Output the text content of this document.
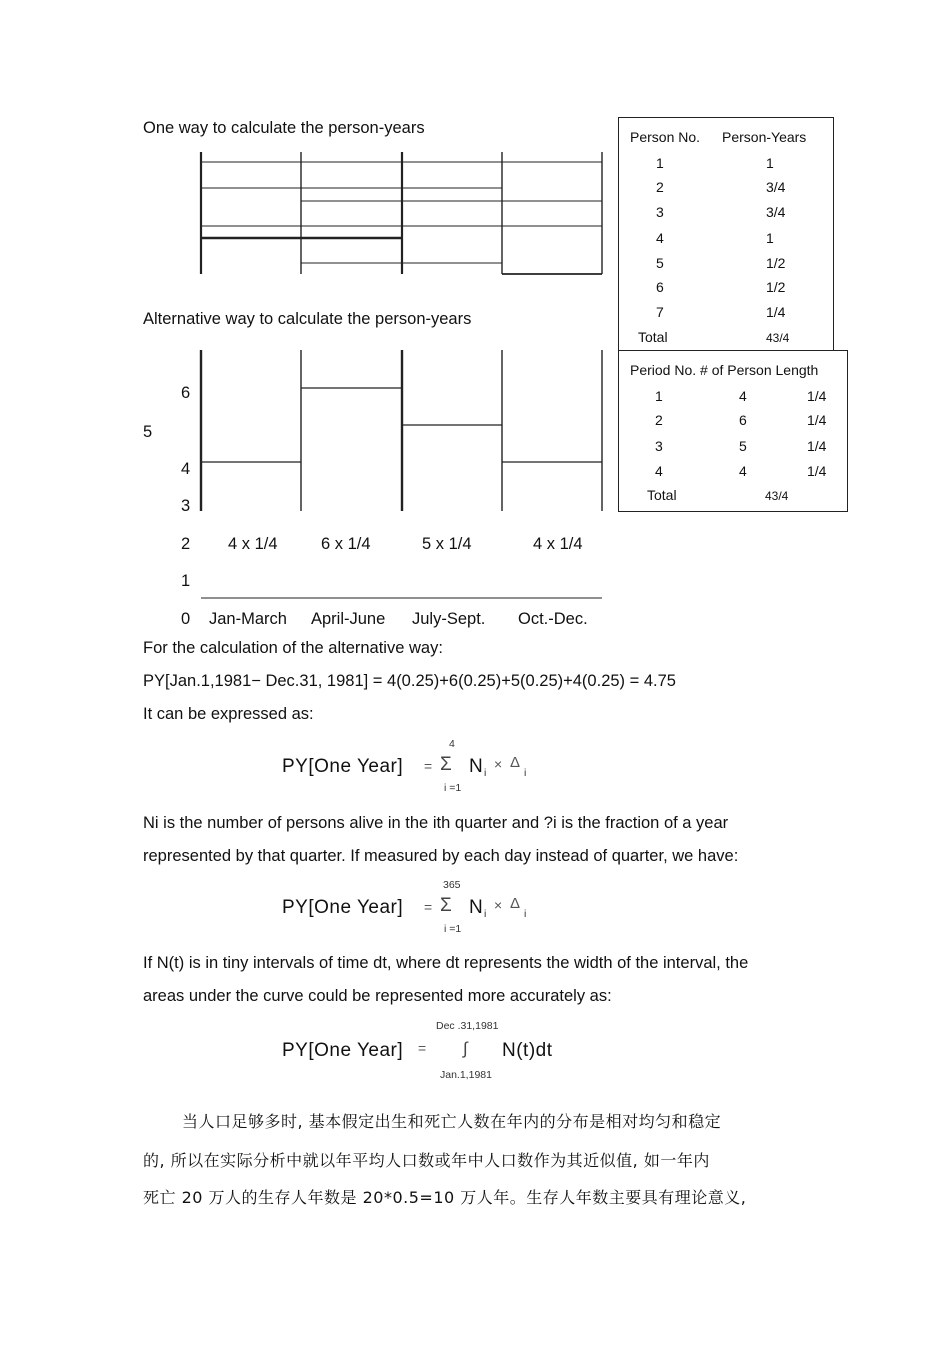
One way to calculate the person-years	Person No. Person-Years
1	1
2	3/4
3	3/4
4	1
5	1/2
6	1/2
7	1/4
Total	43/4
Alternative way to calculate the person-years
Period No. # of Person Length
1	4	1/4
2	6	1/4
3	5	1/4
4	4	1/4
Total	43/4
6
5
4
3
2
1
0
4 x 1/4	6 x 1/4	5 x 1/4	4 x 1/4
Jan-March April-June July-Sept. Oct.-Dec.
For the calculation of the alternative way:
PY[Jan.1,1981− Dec.31, 1981] = 4(0.25)+6(0.25)+5(0.25)+4(0.25) = 4.75
It can be expressed as:
PY[One Year] =
4
Σ
i =1
N i
× Δ
i
Ni is the number of persons alive in the ith quarter and ?i is the fraction of a year
represented by that quarter. If measured by each day instead of quarter, we have:
PY[One Year] =
365
Σ
i =1
N i
× Δ
i
If N(t) is in tiny intervals of time dt, where dt represents the width of the interval, the
areas under the curve could be represented more accurately as:
PY[One Year] =
Dec .31,1981
∫
Jan.1,1981
N(t)dt
当人口足够多时, 基本假定出生和死亡人数在年内的分布是相对均匀和稳定
的, 所以在实际分析中就以年平均人口数或年中人口数作为其近似值, 如一年内
死亡 20 万人的生存人年数是 20*0.5=10 万人年。生存人年数主要具有理论意义,
